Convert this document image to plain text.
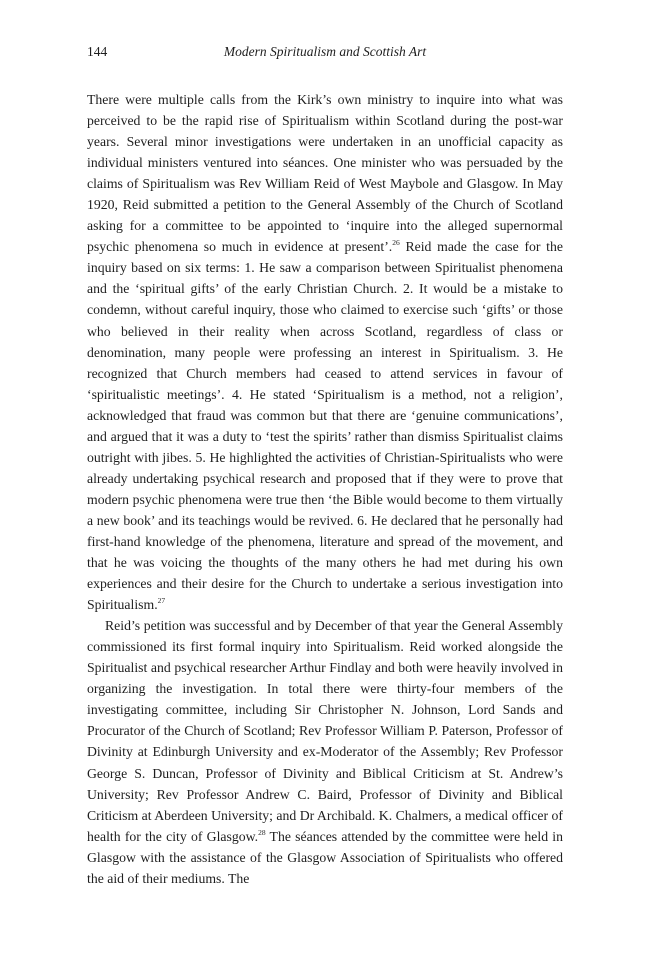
144	Modern Spiritualism and Scottish Art

There were multiple calls from the Kirk’s own ministry to inquire into what was perceived to be the rapid rise of Spiritualism within Scotland during the post-war years. Several minor investigations were undertaken in an unofficial capacity as individual ministers ventured into séances. One minister who was persuaded by the claims of Spiritualism was Rev William Reid of West Maybole and Glasgow. In May 1920, Reid submitted a petition to the General Assembly of the Church of Scotland asking for a committee to be appointed to ‘inquire into the alleged supernormal psychic phenomena so much in evidence at present’.$^{26}$ Reid made the case for the inquiry based on six terms: 1. He saw a comparison between Spiritualist phenomena and the ‘spiritual gifts’ of the early Christian Church. 2. It would be a mistake to condemn, without careful inquiry, those who claimed to exercise such ‘gifts’ or those who believed in their reality when across Scotland, regardless of class or denomination, many people were professing an interest in Spiritualism. 3. He recognized that Church members had ceased to attend services in favour of ‘spiritualistic meetings’. 4. He stated ‘Spiritualism is a method, not a religion’, acknowledged that fraud was common but that there are ‘genuine communications’, and argued that it was a duty to ‘test the spirits’ rather than dismiss Spiritualist claims outright with jibes. 5. He highlighted the activities of Christian-Spiritualists who were already undertaking psychical research and proposed that if they were to prove that modern psychic phenomena were true then ‘the Bible would become to them virtually a new book’ and its teachings would be revived. 6. He declared that he personally had first-hand knowledge of the phenomena, literature and spread of the movement, and that he was voicing the thoughts of the many others he had met during his own experiences and their desire for the Church to undertake a serious investigation into Spiritualism.$^{27}$

Reid’s petition was successful and by December of that year the General Assembly commissioned its first formal inquiry into Spiritualism. Reid worked alongside the Spiritualist and psychical researcher Arthur Findlay and both were heavily involved in organizing the investigation. In total there were thirty-four members of the investigating committee, including Sir Christopher N. Johnson, Lord Sands and Procurator of the Church of Scotland; Rev Professor William P. Paterson, Professor of Divinity at Edinburgh University and ex-Moderator of the Assembly; Rev Professor George S. Duncan, Professor of Divinity and Biblical Criticism at St. Andrew’s University; Rev Professor Andrew C. Baird, Professor of Divinity and Biblical Criticism at Aberdeen University; and Dr Archibald. K. Chalmers, a medical officer of health for the city of Glasgow.$^{28}$ The séances attended by the committee were held in Glasgow with the assistance of the Glasgow Association of Spiritualists who offered the aid of their mediums. The
